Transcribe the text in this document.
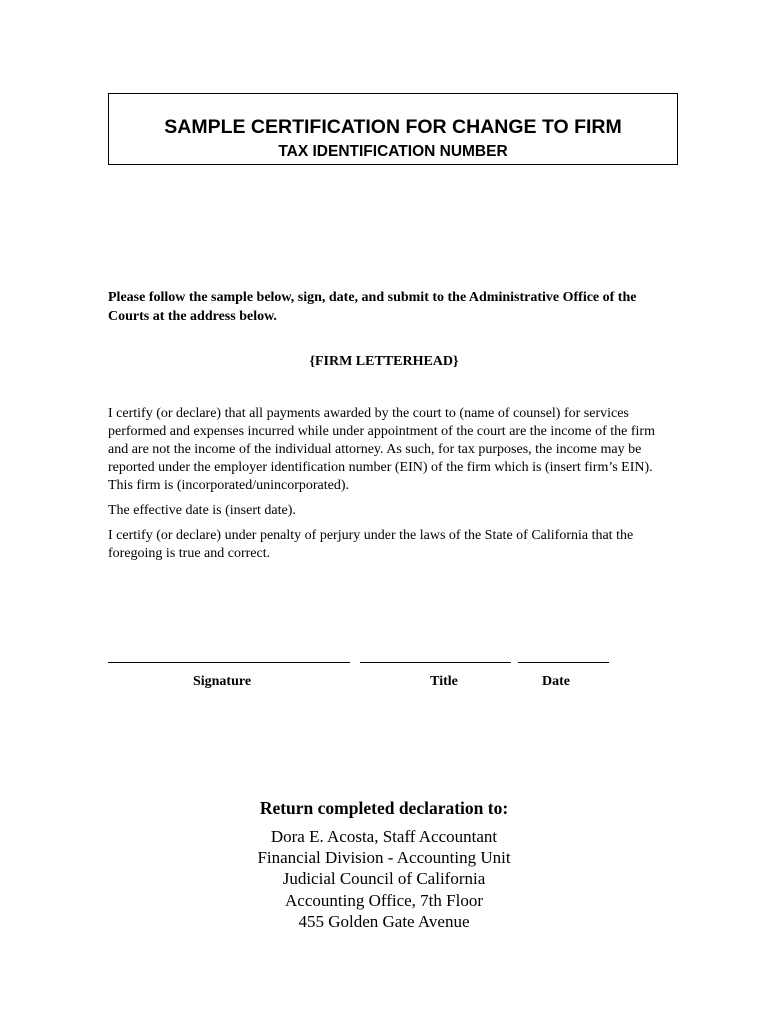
SAMPLE CERTIFICATION FOR CHANGE TO FIRM
TAX IDENTIFICATION NUMBER
Please follow the sample below, sign, date, and submit to the Administrative Office of the Courts at the address below.
{FIRM LETTERHEAD}

I certify (or declare) that all payments awarded by the court to (name of counsel) for services performed and expenses incurred while under appointment of the court are the income of the firm and are not the income of the individual attorney. As such, for tax purposes, the income may be reported under the employer identification number (EIN) of the firm which is (insert firm’s EIN). This firm is (incorporated/unincorporated).

The effective date is (insert date).

I certify (or declare) under penalty of perjury under the laws of the State of California that the foregoing is true and correct.

Signature	Title	Date
Return completed declaration to:
Dora E. Acosta, Staff Accountant
Financial Division - Accounting Unit
Judicial Council of California
Accounting Office, 7th Floor
455 Golden Gate Avenue
